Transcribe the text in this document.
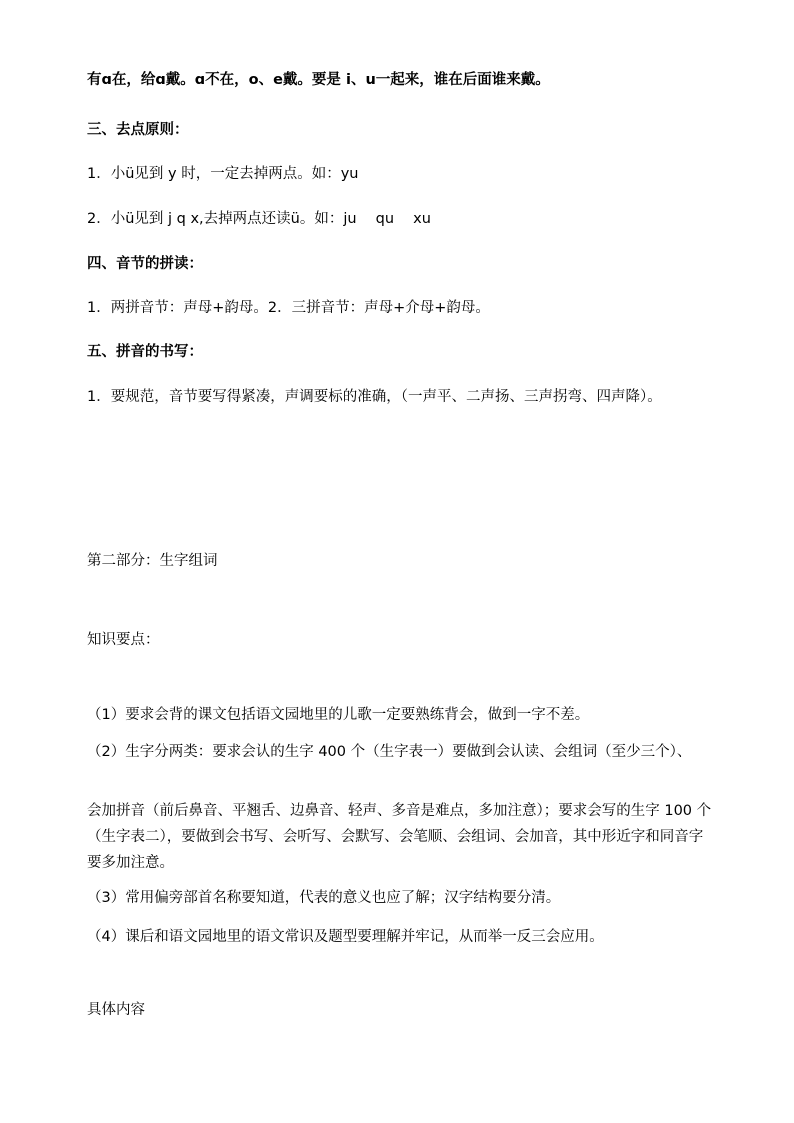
有ɑ在，给ɑ戴。ɑ不在，o、e戴。要是 i、u一起来，谁在后面谁来戴。
三、去点原则：
1．小ü见到 y 时，一定去掉两点。如：yu
2．小ü见到 j q x,去掉两点还读ü。如：ju　 qu　 xu
四、音节的拼读：
1．两拼音节：声母+韵母。2．三拼音节：声母+介母+韵母。
五、拼音的书写：
1．要规范，音节要写得紧凑，声调要标的准确，（一声平、二声扬、三声拐弯、四声降）。
第二部分：生字组词
知识要点：
（1）要求会背的课文包括语文园地里的儿歌一定要熟练背会，做到一字不差。
（2）生字分两类：要求会认的生字 400 个（生字表一）要做到会认读、会组词（至少三个）、
会加拼音（前后鼻音、平翘舌、边鼻音、轻声、多音是难点，多加注意）；要求会写的生字 100 个（生字表二），要做到会书写、会听写、会默写、会笔顺、会组词、会加音，其中形近字和同音字要多加注意。
（3）常用偏旁部首名称要知道，代表的意义也应了解；汉字结构要分清。
（4）课后和语文园地里的语文常识及题型要理解并牢记，从而举一反三会应用。
具体内容
